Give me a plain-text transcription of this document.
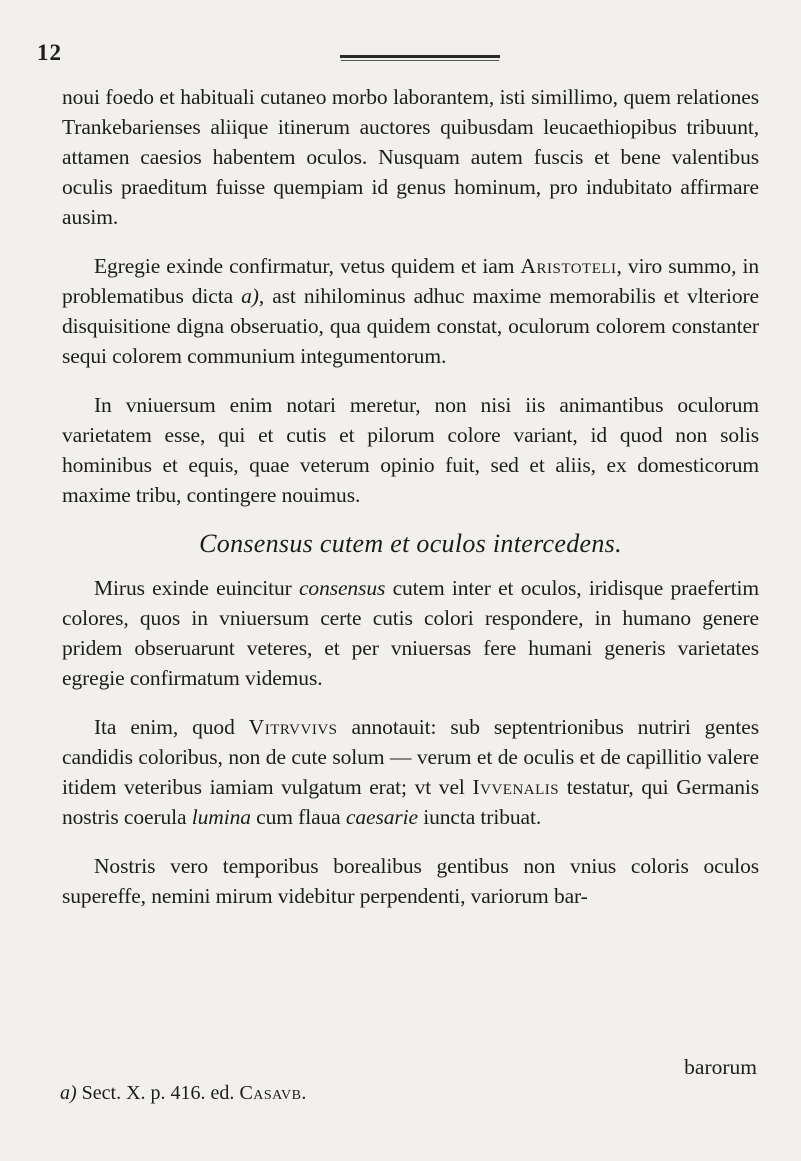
12

noui foedo et habituali cutaneo morbo laborantem, isti simillimo, quem relationes Trankebarienses aliique itinerum auctores quibusdam leucaethiopibus tribuunt, attamen caesios habentem oculos. Nusquam autem fuscis et bene valentibus oculis praeditum fuisse quempiam id genus hominum, pro indubitato affirmare ausim.

Egregie exinde confirmatur, vetus quidem et iam Aristoteli, viro summo, in problematibus dicta a), ast nihilominus adhuc maxime memorabilis et vlteriore disquisitione digna obseruatio, qua quidem constat, oculorum colorem constanter sequi colorem communium integumentorum.

In vniuersum enim notari meretur, non nisi iis animantibus oculorum varietatem esse, qui et cutis et pilorum colore variant, id quod non solis hominibus et equis, quae veterum opinio fuit, sed et aliis, ex domesticorum maxime tribu, contingere nouimus.

Consensus cutem et oculos intercedens.

Mirus exinde euincitur consensus cutem inter et oculos, iridisque praefertim colores, quos in vniuersum certe cutis colori respondere, in humano genere pridem obseruarunt veteres, et per vniuersas fere humani generis varietates egregie confirmatum videmus.

Ita enim, quod Vitrvvivs annotauit: sub septentrionibus nutriri gentes candidis coloribus, non de cute solum — verum et de oculis et de capillitio valere itidem veteribus iamiam vulgatum erat; vt vel Ivvenalis testatur, qui Germanis nostris coerula lumina cum flaua caesarie iuncta tribuat.

Nostris vero temporibus borealibus gentibus non vnius coloris oculos supereffe, nemini mirum videbitur perpendenti, variorum bar-

barorum
a) Sect. X. p. 416. ed. Casavb.
